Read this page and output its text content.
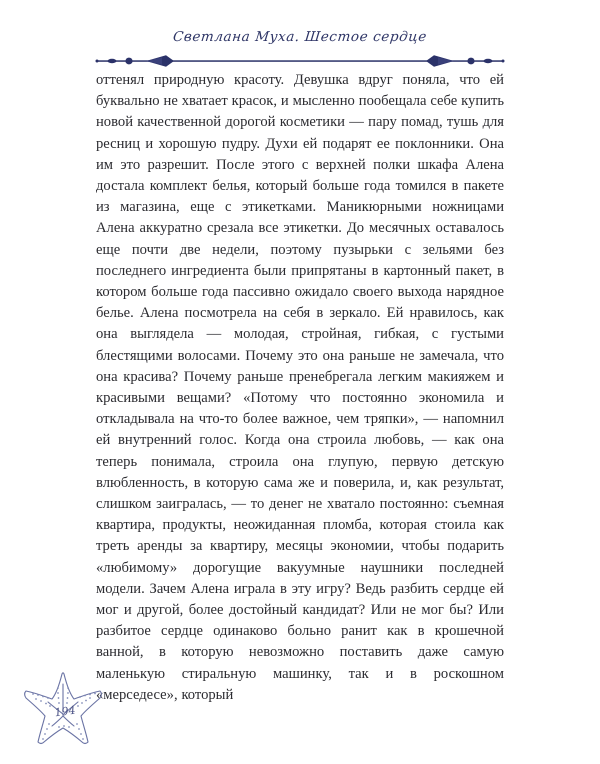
Светлана Муха. Шестое сердце

оттенял природную красоту. Девушка вдруг поняла, что ей буквально не хватает красок, и мысленно пообещала себе купить новой качественной дорогой косметики — пару помад, тушь для ресниц и хорошую пудру. Духи ей подарят ее поклонники. Она им это разрешит. После этого с верхней полки шкафа Алена достала комплект белья, который больше года томился в пакете из магазина, еще с этикетками. Маникюрными ножницами Алена аккуратно срезала все этикетки. До месячных оставалось еще почти две недели, поэтому пузырьки с зельями без последнего ингредиента были припрятаны в картонный пакет, в котором больше года пассивно ожидало своего выхода нарядное белье. Алена посмотрела на себя в зеркало. Ей нравилось, как она выглядела — молодая, стройная, гибкая, с густыми блестящими волосами. Почему это она раньше не замечала, что она красива? Почему раньше пренебрегала легким макияжем и красивыми вещами? «Потому что постоянно экономила и откладывала на что-то более важное, чем тряпки», — напомнил ей внутренний голос. Когда она строила любовь, — как она теперь понимала, строила она глупую, первую детскую влюбленность, в которую сама же и поверила, и, как результат, слишком заигралась, — то денег не хватало постоянно: съемная квартира, продукты, неожиданная пломба, которая стоила как треть аренды за квартиру, месяцы экономии, чтобы подарить «любимому» дорогущие вакуумные наушники последней модели. Зачем Алена играла в эту игру? Ведь разбить сердце ей мог и другой, более достойный кандидат? Или не мог бы? Или разбитое сердце одинаково больно ранит как в крошечной ванной, в которую невозможно поставить даже самую маленькую стиральную машинку, так и в роскошном «мерседесе», который

194
